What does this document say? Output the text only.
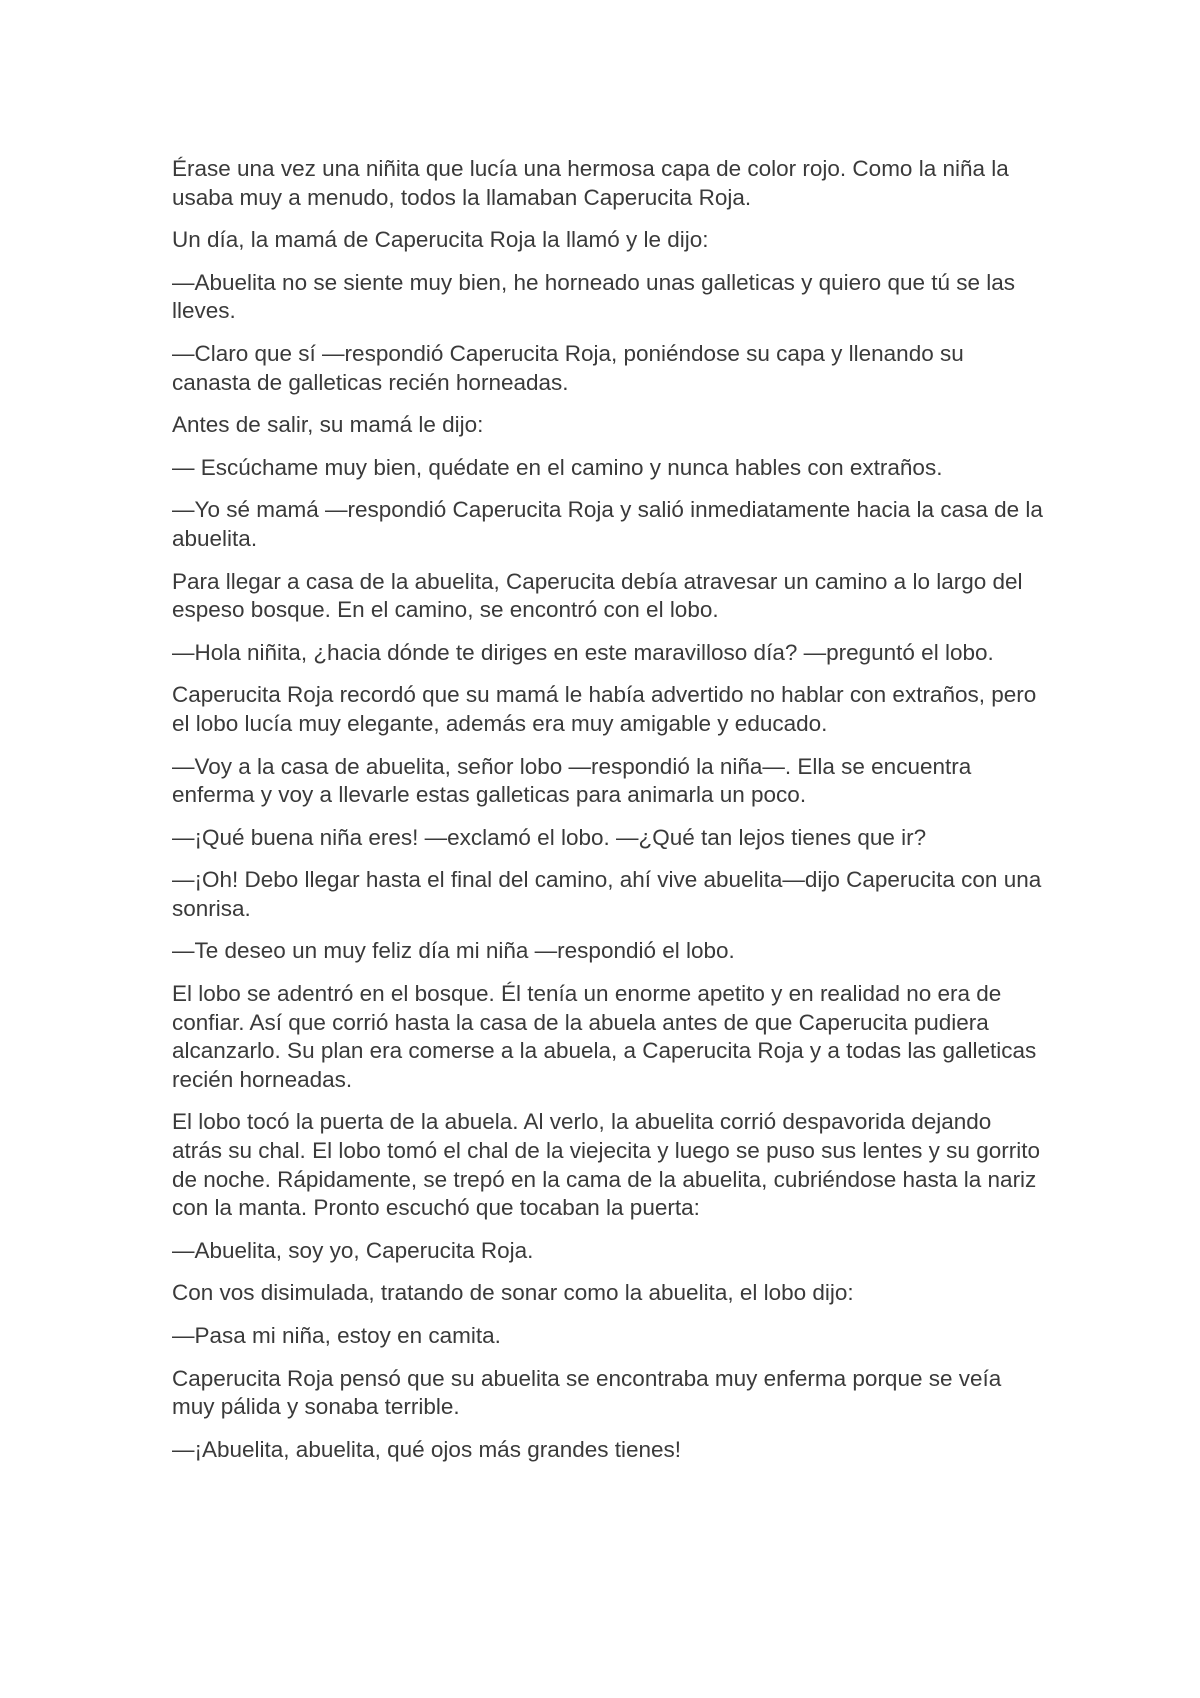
Érase una vez una niñita que lucía una hermosa capa de color rojo. Como la niña la usaba muy a menudo, todos la llamaban Caperucita Roja.

Un día, la mamá de Caperucita Roja la llamó y le dijo:

—Abuelita no se siente muy bien, he horneado unas galleticas y quiero que tú se las lleves.

—Claro que sí —respondió Caperucita Roja, poniéndose su capa y llenando su canasta de galleticas recién horneadas.

Antes de salir, su mamá le dijo:

— Escúchame muy bien, quédate en el camino y nunca hables con extraños.

—Yo sé mamá —respondió Caperucita Roja y salió inmediatamente hacia la casa de la abuelita.

Para llegar a casa de la abuelita, Caperucita debía atravesar un camino a lo largo del espeso bosque. En el camino, se encontró con el lobo.

—Hola niñita, ¿hacia dónde te diriges en este maravilloso día? —preguntó el lobo.

Caperucita Roja recordó que su mamá le había advertido no hablar con extraños, pero el lobo lucía muy elegante, además era muy amigable y educado.

—Voy a la casa de abuelita, señor lobo —respondió la niña—. Ella se encuentra enferma y voy a llevarle estas galleticas para animarla un poco.

—¡Qué buena niña eres! —exclamó el lobo. —¿Qué tan lejos tienes que ir?

—¡Oh! Debo llegar hasta el final del camino, ahí vive abuelita—dijo Caperucita con una sonrisa.

—Te deseo un muy feliz día mi niña —respondió el lobo.

El lobo se adentró en el bosque. Él tenía un enorme apetito y en realidad no era de confiar. Así que corrió hasta la casa de la abuela antes de que Caperucita pudiera alcanzarlo. Su plan era comerse a la abuela, a Caperucita Roja y a todas las galleticas recién horneadas.

El lobo tocó la puerta de la abuela. Al verlo, la abuelita corrió despavorida dejando atrás su chal. El lobo tomó el chal de la viejecita y luego se puso sus lentes y su gorrito de noche. Rápidamente, se trepó en la cama de la abuelita, cubriéndose hasta la nariz con la manta. Pronto escuchó que tocaban la puerta:

—Abuelita, soy yo, Caperucita Roja.

Con vos disimulada, tratando de sonar como la abuelita, el lobo dijo:

—Pasa mi niña, estoy en camita.

Caperucita Roja pensó que su abuelita se encontraba muy enferma porque se veía muy pálida y sonaba terrible.

—¡Abuelita, abuelita, qué ojos más grandes tienes!
